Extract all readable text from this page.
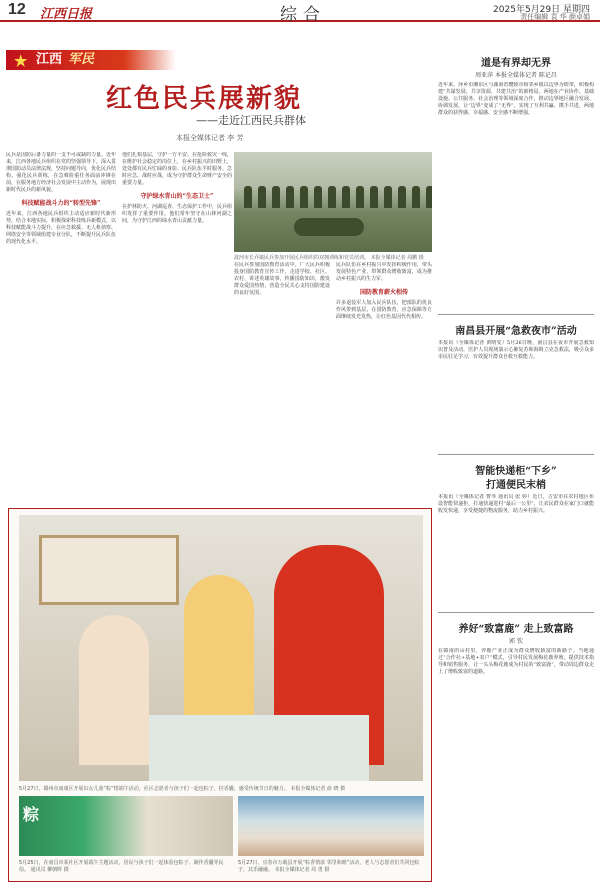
12 江西日报	综合	2025年5月29日 星期四
责任编辑 袁 华 颜卓娟
★ 江西 军民
红色民兵展新貌
——走近江西民兵群体
本报全媒体记者 李 芳
波河市长乔镇民兵参加开展民兵组织的双拥训练和党员培训。 本报全媒体记者 周鹏 摄

民兵是国防后备力量的一支不可或缺的力量。近年来，江西各地民兵组织在党的坚强领导下，深入贯彻国防动员法律法规，坚持问题导向，优化民兵结构，强化民兵训练，在急难险重任务面前冲锋在前，在服务地方经济社会发展中主动作为，展现出新时代民兵的新风貌。

科技赋能战斗力的“转型先锋”

近年来，江西各地民兵组织主动适应新时代新形势，结合本地实际，积极探索科技练兵新模式，以科技赋能战斗力提升，在应急救援、无人机侦察、网络安全等领域组建专业分队，不断提升民兵队伍的现代化水平。

他们扎根基层，守护一方平安。在抢险救灾一线，在维护社会稳定的岗位上，在乡村振兴的田野上，处处都有民兵忙碌的身影。民兵队伍平时服务、急时应急、战时应战，成为守护群众生命财产安全的重要力量。

守护绿水青山的“生态卫士”

在护林防火、河湖巡查、生态保护工作中，民兵组织发挥了重要作用。他们常年坚守在山林河湖之间，为守护江西的绿水青山贡献力量。

在民兵参加国防教育活动中，广大民兵积极投身国防教育宣传工作，走进学校、社区、农村，讲述英雄故事，传播国防知识，激发群众爱国热情，营造全民关心支持国防建设的良好氛围。

民兵队伍在乡村振兴中发挥积极作用，带头发展特色产业，带领群众增收致富，成为推动乡村振兴的生力军。

国防教育薪火相传

许多退役军人加入民兵队伍，把部队的优良作风带到基层，在国防教育、应急保障等方面继续发光发热，让红色基因代代相传。

5月27日，赣州市南康区开展妇女儿童“粽”情端午活动，社区志愿者与孩子们一起包粽子、挂香囊，感受传统节日的魅力。 本报全媒体记者 俞 晓 摄
粽
5月25日，在南昌市某社区开展端午主题活动，居民与孩子们一起体验包粽子、制作香囊等民俗。 通讯员 柳朝晖 摄
5月27日，宜春市万载县开展“粽香情浓 邻里和睦”活动，老人与志愿者们共同包粽子，其乐融融。 本报全媒体记者 周 勇 摄
道是有界却无界
周亚萍 本报全媒体记者 陈记昌
近年来，萍乡市湘东区与湖南省醴陵市相邻乡镇以边界为纽带，积极构建“共谋发展、共享资源、共建共治”的新格局。两地在产业协作、基础设施、公共服务、社会治理等领域深度合作，推动边界地区融合发展、协调发展，让“边界”变成了“无界”，实现了互利共赢、携手共进，两地群众的获得感、幸福感、安全感不断增强。
南昌县开展“急救夜市”活动
本报讯（全媒体记者 黄晴雯）5月26日晚，南昌县在夜市开展急救知识普及活动，医护人员现场演示心肺复苏和海姆立克急救法，吸引众多市民驻足学习，有效提升群众自救互救能力。
智能快递柜“下乡”
打通便民末梢
本报讯（全媒体记者 曹琴 通讯员 张 婷）近日，吉安市在农村地区布设智能快递柜，打通快递进村“最后一公里”，让农民群众在家门口就能收发快递，享受便捷的物流服务，助力乡村振兴。
养好“致富鹿” 走上致富路
郭 钦
在赣南的山村里，养鹿产业正成为群众增收致富的新路子。当地通过“合作社+基地+农户”模式，引导村民发展梅花鹿养殖，提供技术指导和销售服务，让一头头梅花鹿成为村民的“致富鹿”，带动周边群众走上了增收致富的道路。
